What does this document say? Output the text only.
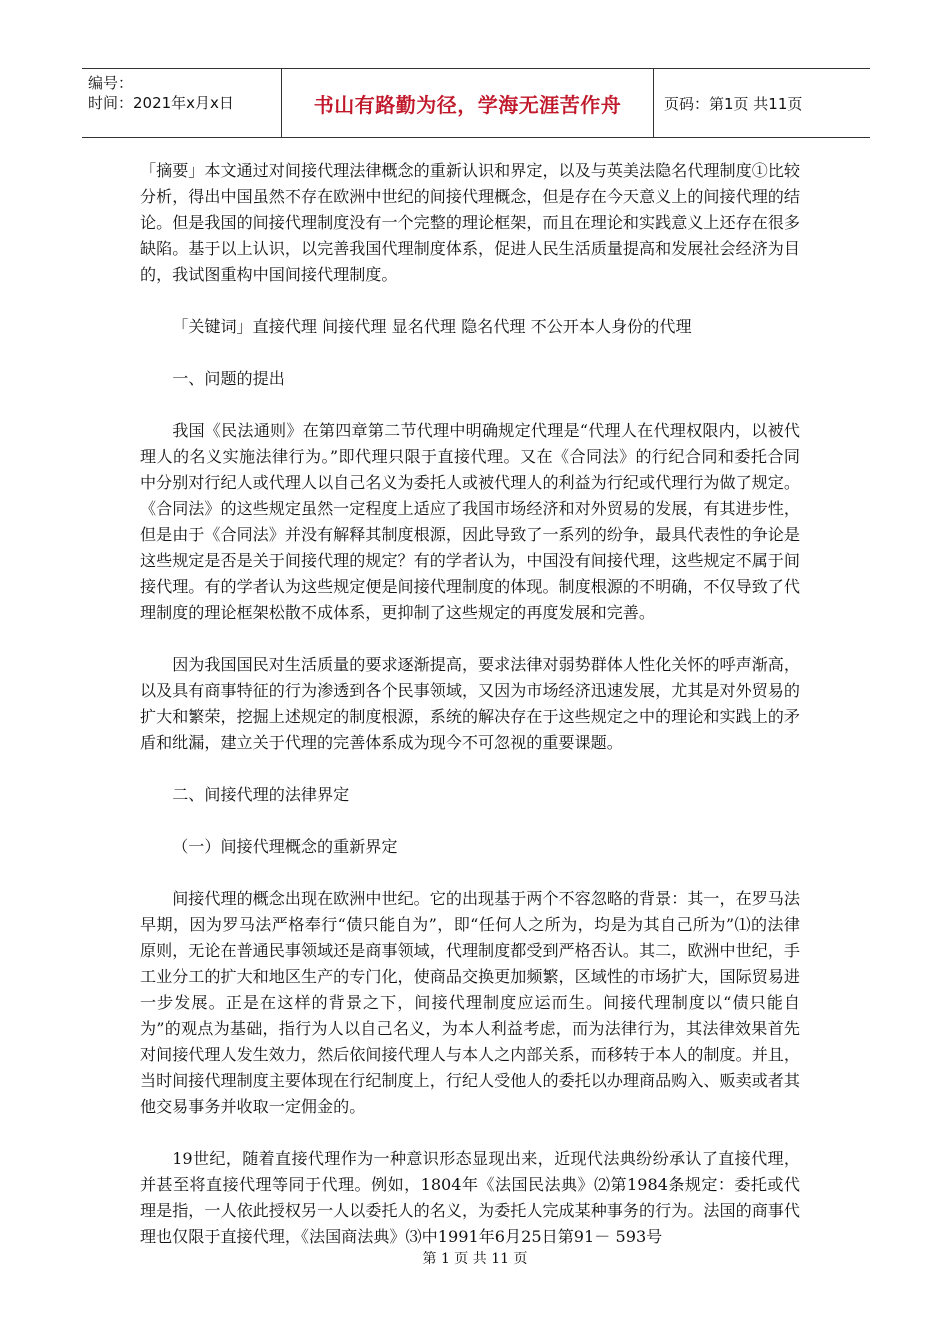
编号：
时间：2021年x月x日	书山有路勤为径，学海无涯苦作舟	页码：第1页 共11页

「摘要」本文通过对间接代理法律概念的重新认识和界定，以及与英美法隐名代理制度①比较分析，得出中国虽然不存在欧洲中世纪的间接代理概念，但是存在今天意义上的间接代理的结论。但是我国的间接代理制度没有一个完整的理论框架，而且在理论和实践意义上还存在很多缺陷。基于以上认识，以完善我国代理制度体系，促进人民生活质量提高和发展社会经济为目的，我试图重构中国间接代理制度。

「关键词」直接代理 间接代理 显名代理 隐名代理 不公开本人身份的代理

一、问题的提出

我国《民法通则》在第四章第二节代理中明确规定代理是“代理人在代理权限内，以被代理人的名义实施法律行为。”即代理只限于直接代理。又在《合同法》的行纪合同和委托合同中分别对行纪人或代理人以自己名义为委托人或被代理人的利益为行纪或代理行为做了规定。《合同法》的这些规定虽然一定程度上适应了我国市场经济和对外贸易的发展，有其进步性，但是由于《合同法》并没有解释其制度根源，因此导致了一系列的纷争，最具代表性的争论是这些规定是否是关于间接代理的规定？有的学者认为，中国没有间接代理，这些规定不属于间接代理。有的学者认为这些规定便是间接代理制度的体现。制度根源的不明确，不仅导致了代理制度的理论框架松散不成体系，更抑制了这些规定的再度发展和完善。

因为我国国民对生活质量的要求逐渐提高，要求法律对弱势群体人性化关怀的呼声渐高，以及具有商事特征的行为渗透到各个民事领域，又因为市场经济迅速发展，尤其是对外贸易的扩大和繁荣，挖掘上述规定的制度根源，系统的解决存在于这些规定之中的理论和实践上的矛盾和纰漏，建立关于代理的完善体系成为现今不可忽视的重要课题。

二、间接代理的法律界定

（一）间接代理概念的重新界定

间接代理的概念出现在欧洲中世纪。它的出现基于两个不容忽略的背景：其一，在罗马法早期，因为罗马法严格奉行“债只能自为”，即“任何人之所为，均是为其自己所为”⑴的法律原则，无论在普通民事领域还是商事领域，代理制度都受到严格否认。其二，欧洲中世纪，手工业分工的扩大和地区生产的专门化，使商品交换更加频繁，区域性的市场扩大，国际贸易进一步发展。正是在这样的背景之下，间接代理制度应运而生。间接代理制度以“债只能自为”的观点为基础，指行为人以自己名义，为本人利益考虑，而为法律行为，其法律效果首先对间接代理人发生效力，然后依间接代理人与本人之内部关系，而移转于本人的制度。并且，当时间接代理制度主要体现在行纪制度上，行纪人受他人的委托以办理商品购入、贩卖或者其他交易事务并收取一定佣金的。

19世纪，随着直接代理作为一种意识形态显现出来，近现代法典纷纷承认了直接代理，并甚至将直接代理等同于代理。例如，1804年《法国民法典》⑵第1984条规定：委托或代理是指，一人依此授权另一人以委托人的名义，为委托人完成某种事务的行为。法国的商事代理也仅限于直接代理，《法国商法典》⑶中1991年6月25日第91－ 593号

第 1 页 共 11 页
